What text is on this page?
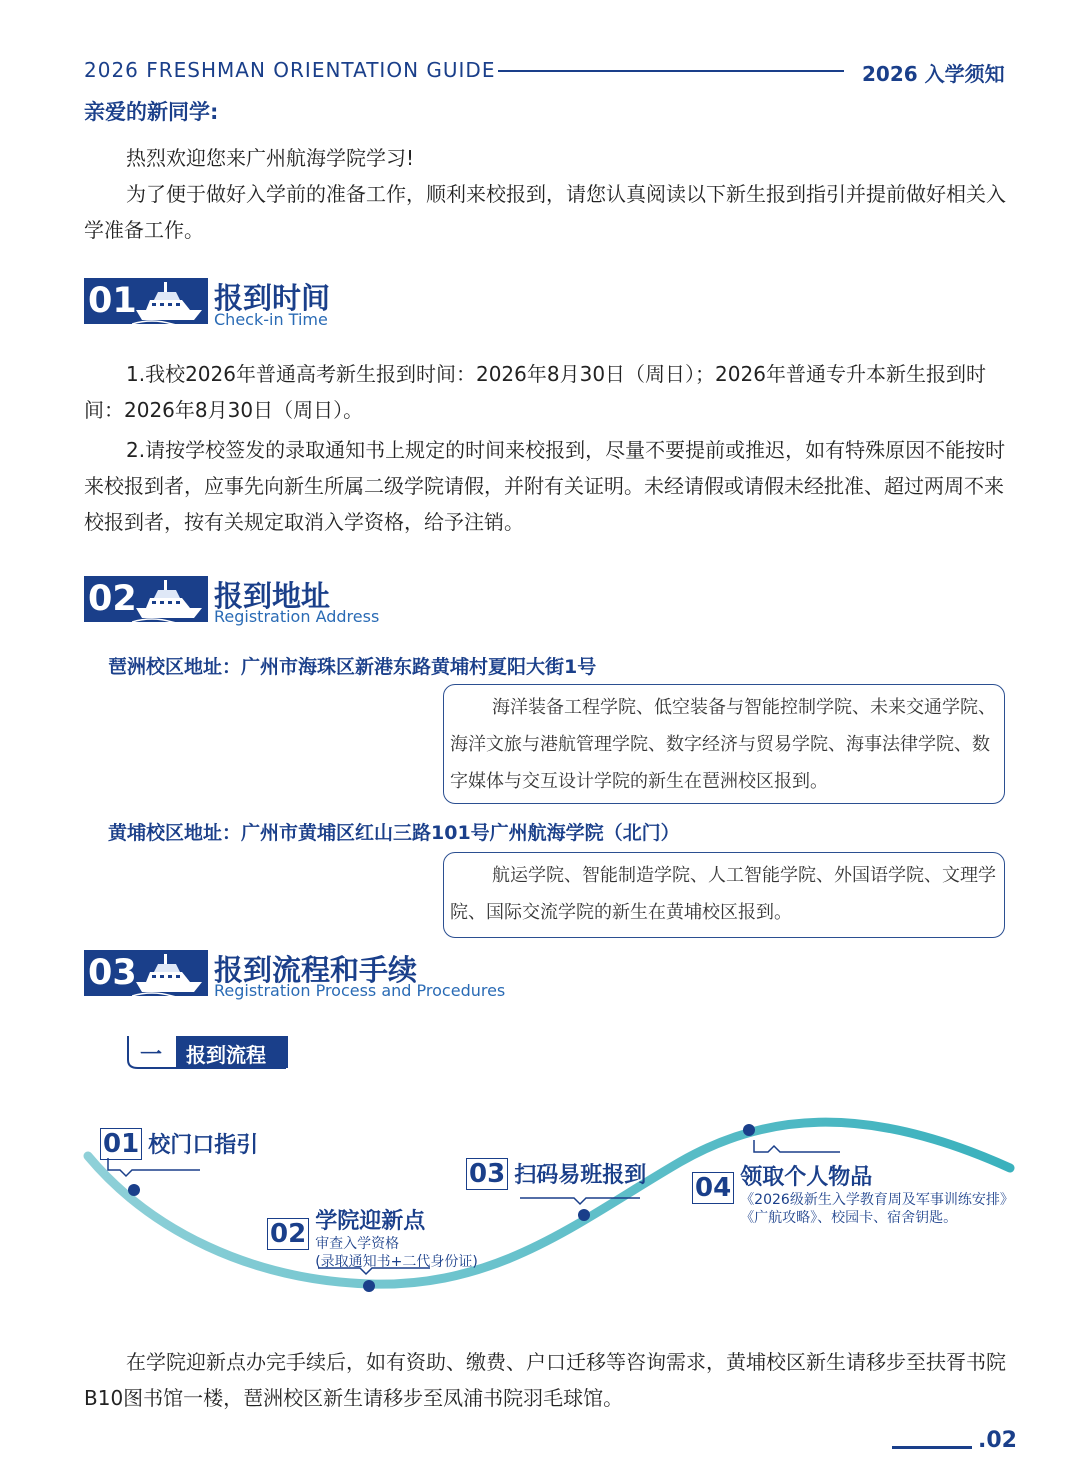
2026 FRESHMAN ORIENTATION GUIDE	2026 入学须知
亲爱的新同学:
热烈欢迎您来广州航海学院学习!
为了便于做好入学前的准备工作，顺利来校报到，请您认真阅读以下新生报到指引并提前做好相关入学准备工作。
01	报到时间
Check-in Time
1.我校2026年普通高考新生报到时间：2026年8月30日（周日）；2026年普通专升本新生报到时间：2026年8月30日（周日）。
2.请按学校签发的录取通知书上规定的时间来校报到，尽量不要提前或推迟，如有特殊原因不能按时来校报到者，应事先向新生所属二级学院请假，并附有关证明。未经请假或请假未经批准、超过两周不来校报到者，按有关规定取消入学资格，给予注销。
02	报到地址
Registration Address
琶洲校区地址：广州市海珠区新港东路黄埔村夏阳大街1号
海洋装备工程学院、低空装备与智能控制学院、未来交通学院、海洋文旅与港航管理学院、数字经济与贸易学院、海事法律学院、数字媒体与交互设计学院的新生在琶洲校区报到。
黄埔校区地址：广州市黄埔区红山三路101号广州航海学院（北门）
航运学院、智能制造学院、人工智能学院、外国语学院、文理学院、国际交流学院的新生在黄埔校区报到。
03	报到流程和手续
Registration Process and Procedures
一 报到流程
01 校门口指引
02 学院迎新点
审查入学资格
(录取通知书+二代身份证)
03 扫码易班报到 04 领取个人物品
《2026级新生入学教育周及军事训练安排》
《广航攻略》、校园卡、宿舍钥匙。
在学院迎新点办完手续后，如有资助、缴费、户口迁移等咨询需求，黄埔校区新生请移步至扶胥书院B10图书馆一楼，琶洲校区新生请移步至凤浦书院羽毛球馆。
.02
